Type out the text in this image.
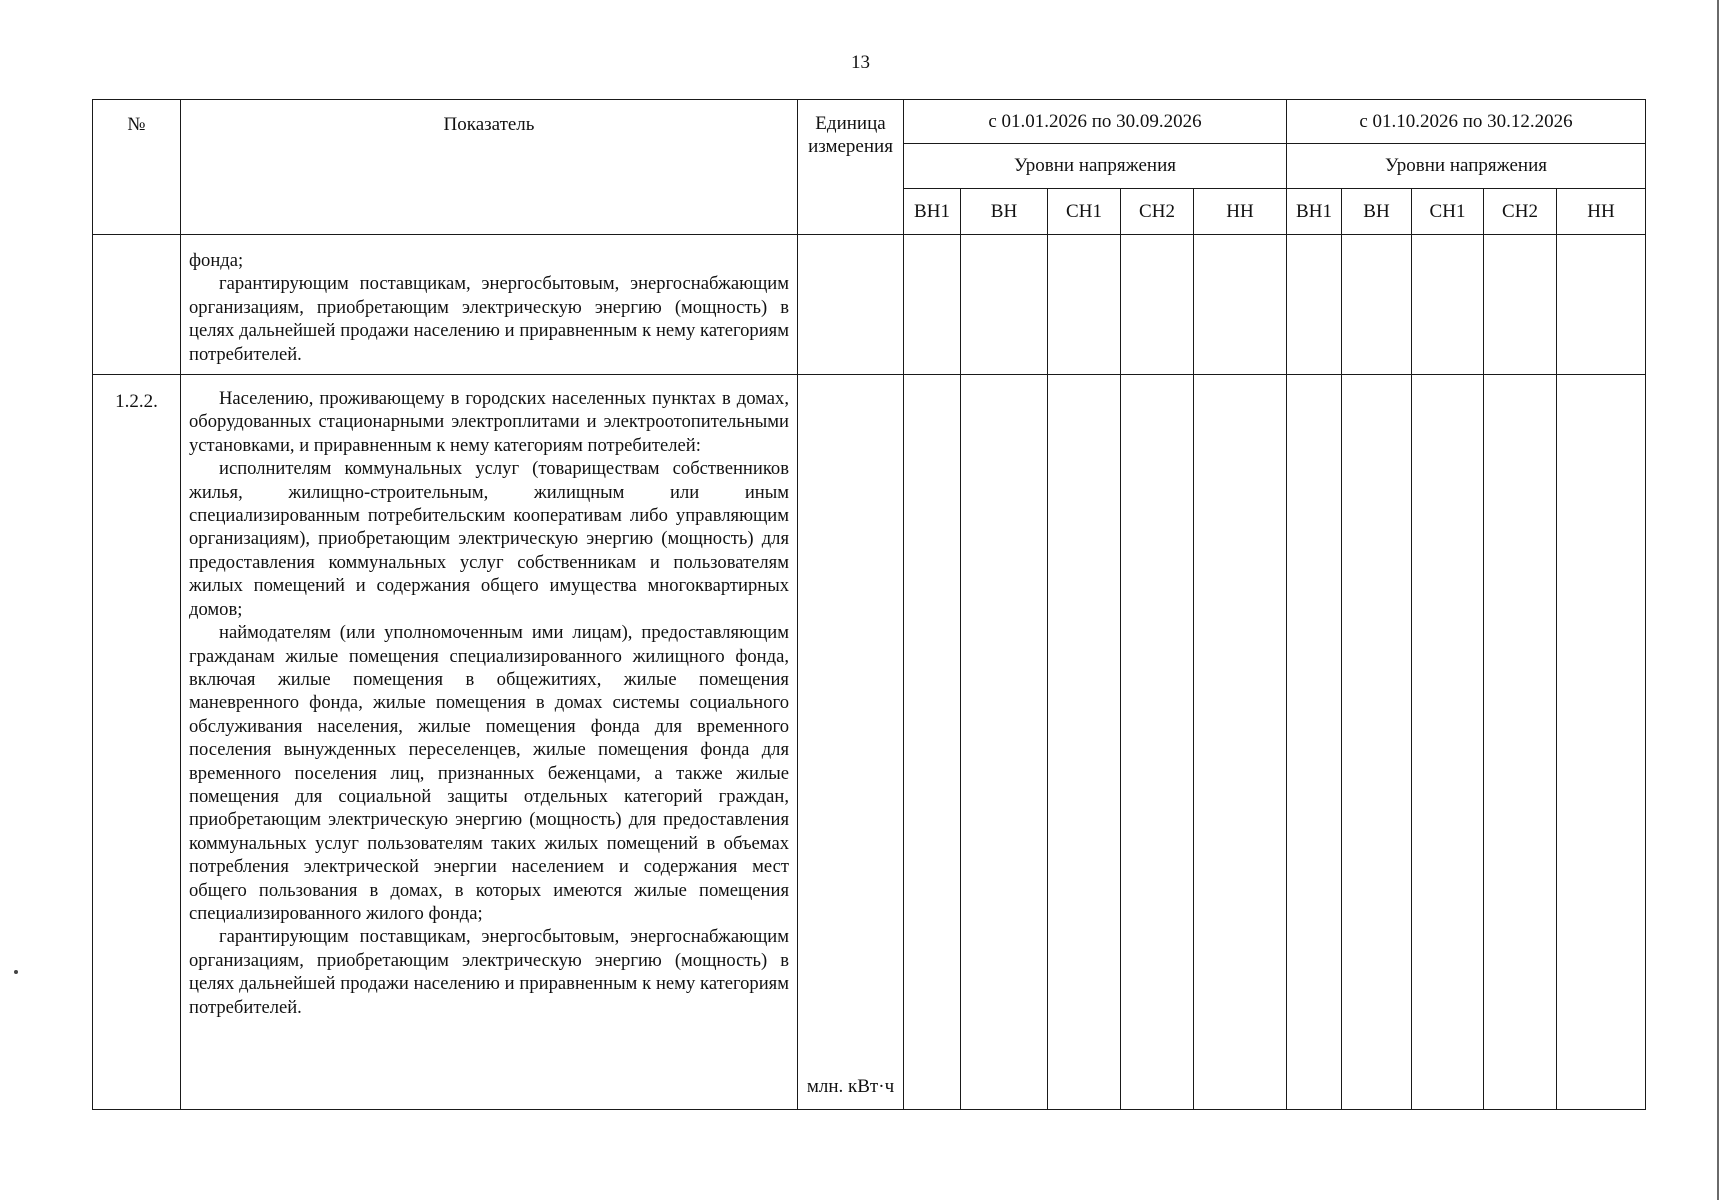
13
№	Показатель	Единица измерения	с 01.01.2026 по 30.09.2026					с 01.10.2026 по 30.12.2026				
			Уровни напряжения					Уровни напряжения				
			ВН1	ВН	СН1	СН2	НН	ВН1	ВН	СН1	СН2	НН

	фонда;
гарантирующим поставщикам, энергосбытовым, энергоснабжающим организациям, приобретающим электрическую энергию (мощность) в целях дальнейшей продажи населению и приравненным к нему категориям потребителей.											

1.2.2.	Населению, проживающему в городских населенных пунктах в домах, оборудованных стационарными электроплитами и электроотопительными установками, и приравненным к нему категориям потребителей:
исполнителям коммунальных услуг (товариществам собственников жилья, жилищно-строительным, жилищным или иным специализированным потребительским кооперативам либо управляющим организациям), приобретающим электрическую энергию (мощность) для предоставления коммунальных услуг собственникам и пользователям жилых помещений и содержания общего имущества многоквартирных домов;
наймодателям (или уполномоченным ими лицам), предоставляющим гражданам жилые помещения специализированного жилищного фонда, включая жилые помещения в общежитиях, жилые помещения маневренного фонда, жилые помещения в домах системы социального обслуживания населения, жилые помещения фонда для временного поселения вынужденных переселенцев, жилые помещения фонда для временного поселения лиц, признанных беженцами, а также жилые помещения для социальной защиты отдельных категорий граждан, приобретающим электрическую энергию (мощность) для предоставления коммунальных услуг пользователям таких жилых помещений в объемах потребления электрической энергии населением и содержания мест общего пользования в домах, в которых имеются жилые помещения специализированного жилого фонда;
гарантирующим поставщикам, энергосбытовым, энергоснабжающим организациям, приобретающим электрическую энергию (мощность) в целях дальнейшей продажи населению и приравненным к нему категориям потребителей.	млн. кВт·ч										
